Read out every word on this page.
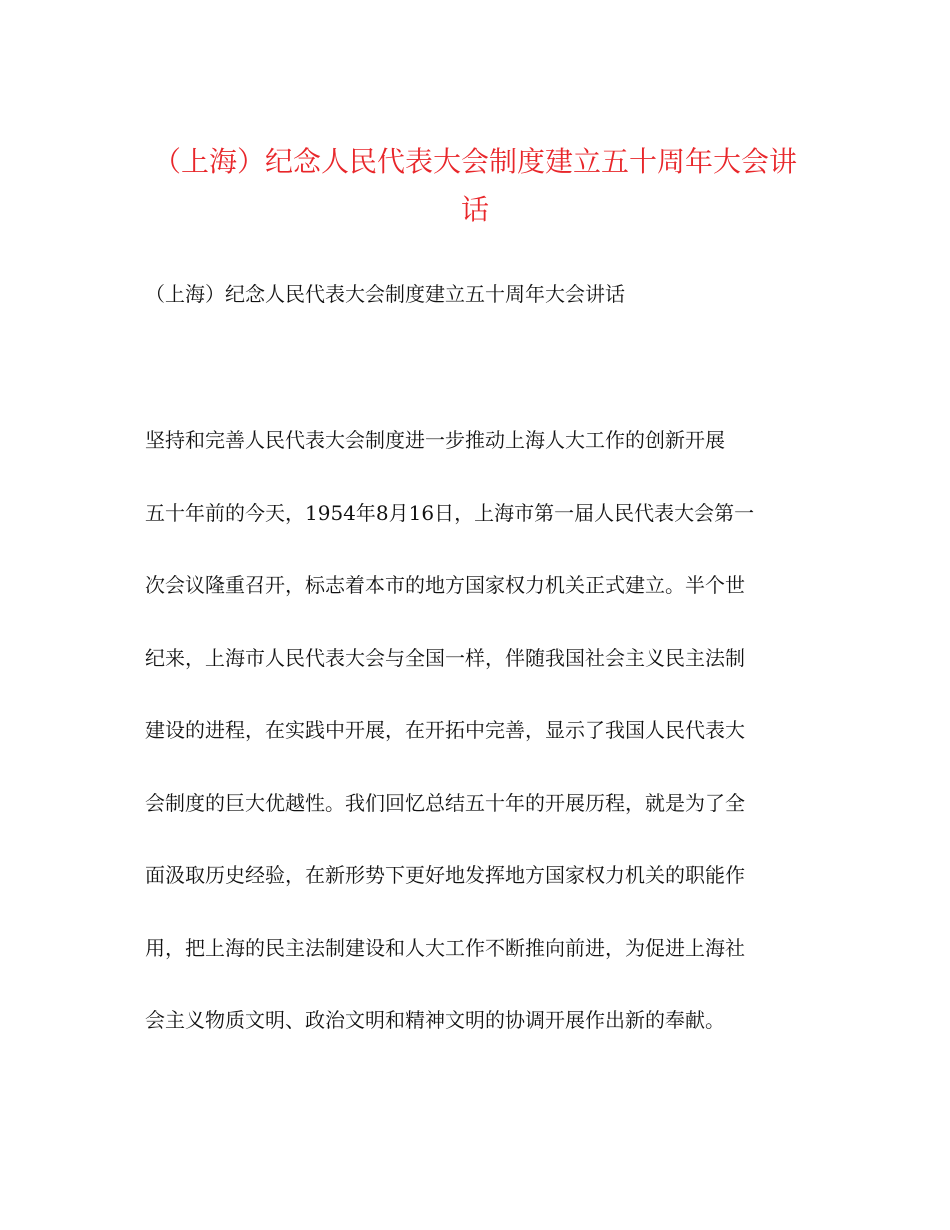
（上海）纪念人民代表大会制度建立五十周年大会讲话

（上海）纪念人民代表大会制度建立五十周年大会讲话

坚持和完善人民代表大会制度进一步推动上海人大工作的创新开展

五十年前的今天，1954年8月16日，上海市第一届人民代表大会第一

次会议隆重召开，标志着本市的地方国家权力机关正式建立。半个世

纪来，上海市人民代表大会与全国一样，伴随我国社会主义民主法制

建设的进程，在实践中开展，在开拓中完善，显示了我国人民代表大

会制度的巨大优越性。我们回忆总结五十年的开展历程，就是为了全

面汲取历史经验，在新形势下更好地发挥地方国家权力机关的职能作

用，把上海的民主法制建设和人大工作不断推向前进，为促进上海社

会主义物质文明、政治文明和精神文明的协调开展作出新的奉献。
